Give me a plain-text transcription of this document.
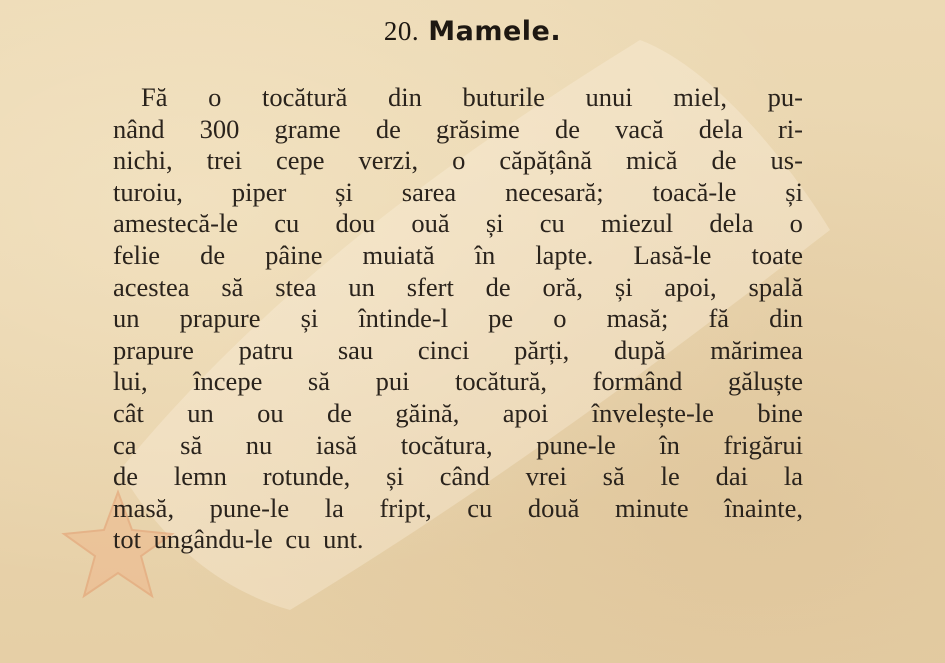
20. Mamele.
Fă o tocătură din buturile unui miel, pu-
nând 300 grame de grăsime de vacă dela ri-
nichi, trei cepe verzi, o căpățână mică de us-
turoiu, piper și sarea necesară; toacă-le și
amestecă-le cu dou ouă și cu miezul dela o
felie de pâine muiată în lapte. Lasă-le toate
acestea să stea un sfert de oră, și apoi, spală
un prapure și întinde-l pe o masă; fă din
prapure patru sau cinci părți, după mărimea
lui, începe să pui tocătură, formând găluște
cât un ou de găină, apoi învelește-le bine
ca să nu iasă tocătura, pune-le în frigărui
de lemn rotunde, și când vrei să le dai la
masă, pune-le la fript, cu două minute înainte,
tot ungându-le cu unt.
